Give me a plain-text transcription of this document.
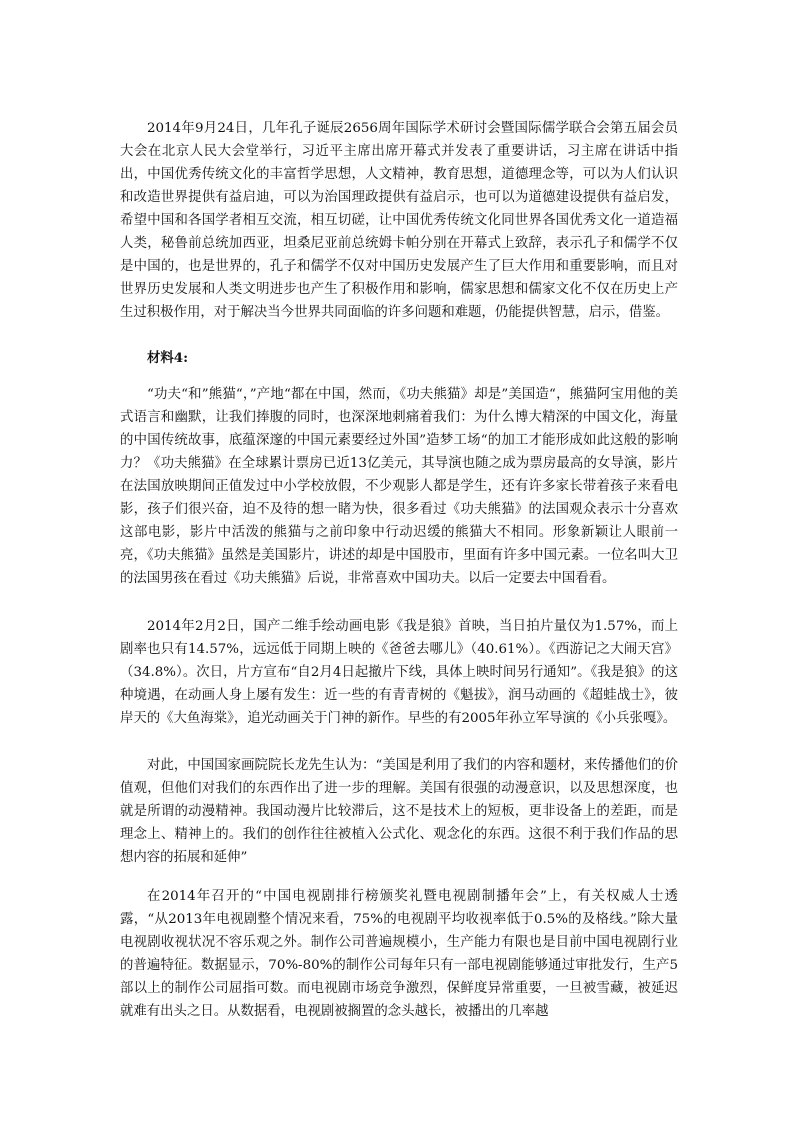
2014年9月24日，几年孔子诞辰2656周年国际学术研讨会暨国际儒学联合会第五届会员大会在北京人民大会堂举行，习近平主席出席开幕式并发表了重要讲话，习主席在讲话中指出，中国优秀传统文化的丰富哲学思想，人文精神，教育思想，道德理念等，可以为人们认识和改造世界提供有益启迪，可以为治国理政提供有益启示，也可以为道德建设提供有益启发，希望中国和各国学者相互交流，相互切磋，让中国优秀传统文化同世界各国优秀文化一道造福人类，秘鲁前总统加西亚，坦桑尼亚前总统姆卡帕分别在开幕式上致辞，表示孔子和儒学不仅是中国的，也是世界的，孔子和儒学不仅对中国历史发展产生了巨大作用和重要影响，而且对世界历史发展和人类文明进步也产生了积极作用和影响，儒家思想和儒家文化不仅在历史上产生过积极作用，对于解决当今世界共同面临的许多问题和难题，仍能提供智慧，启示，借鉴。

材料4:

“功夫“和”熊猫“，”产地“都在中国，然而，《功夫熊猫》却是”美国造“，熊猫阿宝用他的美式语言和幽默，让我们捧腹的同时，也深深地刺痛着我们：为什么博大精深的中国文化，海量的中国传统故事，底蕴深邃的中国元素要经过外国”造梦工场“的加工才能形成如此这般的影响力？《功夫熊猫》在全球累计票房已近13亿美元，其导演也随之成为票房最高的女导演，影片在法国放映期间正值发过中小学校放假，不少观影人都是学生，还有许多家长带着孩子来看电影，孩子们很兴奋，迫不及待的想一睹为快，很多看过《功夫熊猫》的法国观众表示十分喜欢这部电影，影片中活泼的熊猫与之前印象中行动迟缓的熊猫大不相同。形象新颖让人眼前一亮，《功夫熊猫》虽然是美国影片，讲述的却是中国股市，里面有许多中国元素。一位名叫大卫的法国男孩在看过《功夫熊猫》后说，非常喜欢中国功夫。以后一定要去中国看看。

2014年2月2日，国产二维手绘动画电影《我是狼》首映，当日拍片量仅为1.57%，而上剧率也只有14.57%，远远低于同期上映的《爸爸去哪儿》（40.61%）。《西游记之大闹天宫》（34.8%）。次日，片方宣布“自2月4日起撤片下线，具体上映时间另行通知”。《我是狼》的这种境遇，在动画人身上屡有发生：近一些的有青青树的《魁拔》，润马动画的《超蛙战士》，彼岸天的《大鱼海棠》，追光动画关于门神的新作。早些的有2005年孙立军导演的《小兵张嘎》。

对此，中国国家画院院长龙先生认为：“美国是利用了我们的内容和题材，来传播他们的价值观，但他们对我们的东西作出了进一步的理解。美国有很强的动漫意识，以及思想深度，也就是所谓的动漫精神。我国动漫片比较滞后，这不是技术上的短板，更非设备上的差距，而是理念上、精神上的。我们的创作往往被植入公式化、观念化的东西。这很不利于我们作品的思想内容的拓展和延伸”

在2014年召开的“中国电视剧排行榜颁奖礼暨电视剧制播年会”上，有关权威人士透露，“从2013年电视剧整个情况来看，75%的电视剧平均收视率低于0.5%的及格线。”除大量电视剧收视状况不容乐观之外。制作公司普遍规模小，生产能力有限也是目前中国电视剧行业的普遍特征。数据显示，70%-80%的制作公司每年只有一部电视剧能够通过审批发行，生产5部以上的制作公司屈指可数。而电视剧市场竞争激烈，保鲜度异常重要，一旦被雪藏，被延迟就难有出头之日。从数据看，电视剧被搁置的念头越长，被播出的几率越
